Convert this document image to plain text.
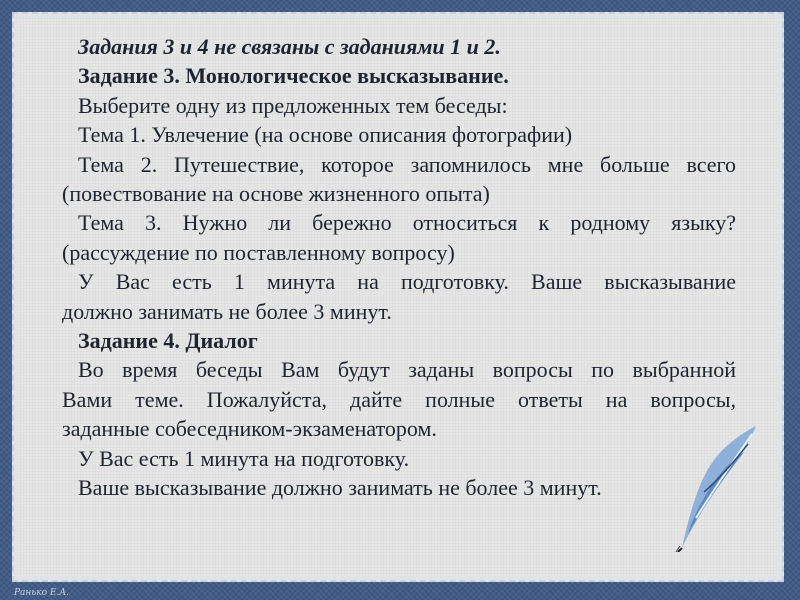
Задания 3 и 4 не связаны с заданиями 1 и 2.
Задание 3. Монологическое высказывание.
Выберите одну из предложенных тем беседы:
Тема 1. Увлечение (на основе описания фотографии)
Тема 2. Путешествие, которое запомнилось мне больше всего
(повествование на основе жизненного опыта)
Тема 3. Нужно ли бережно относиться к родному языку?
(рассуждение по поставленному вопросу)
У Вас есть 1 минута на подготовку. Ваше высказывание
должно занимать не более 3 минут.
Задание 4. Диалог
Во время беседы Вам будут заданы вопросы по выбранной
Вами теме. Пожалуйста, дайте полные ответы на вопросы,
заданные собеседником-экзаменатором.
У Вас есть 1 минута на подготовку.
Ваше высказывание должно занимать не более 3 минут.
Ранько Е.А.
